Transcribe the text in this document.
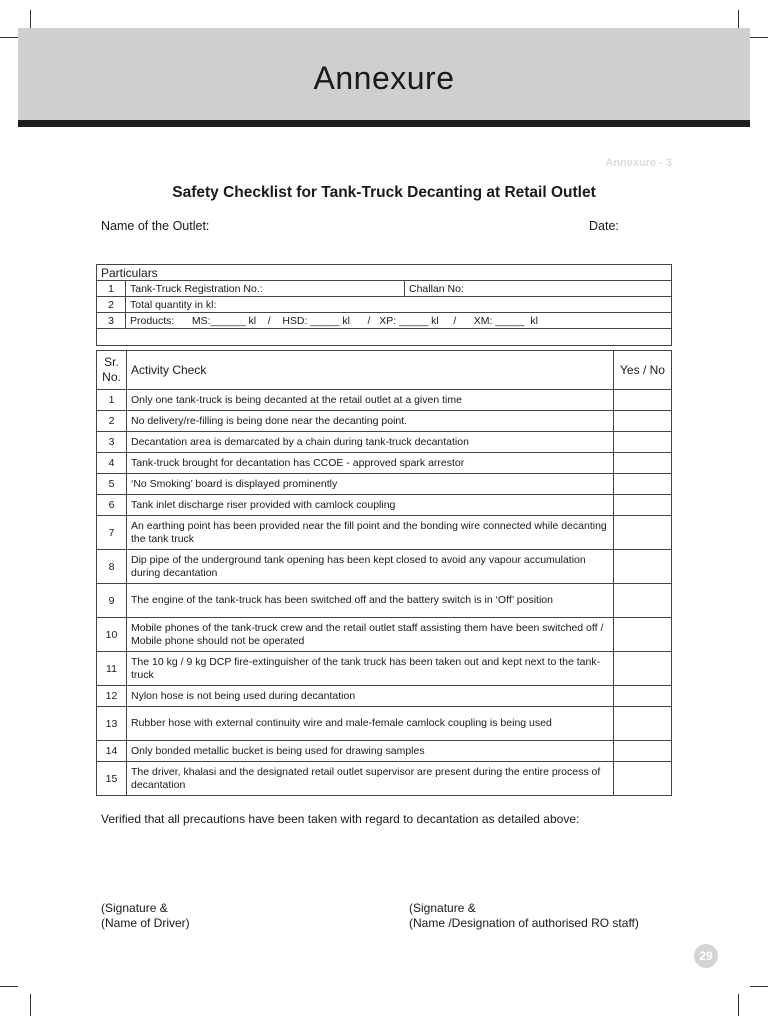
Annexure
Annexure - 3
Safety Checklist for Tank-Truck Decanting at Retail Outlet
Name of the Outlet:	Date:
Particulars		
1	Tank-Truck Registration No.:	Challan No:
2	Total quantity in kl:	
3	Products:      MS:______ kl    /    HSD: _____ kl      /   XP: _____ kl     /      XM: _____  kl	

Sr.
No.	Activity Check	Yes / No
1	Only one tank-truck is being decanted at the retail outlet at a given time	
2	No delivery/re-filling is being done near the decanting point.	
3	Decantation area is demarcated by a chain during tank-truck decantation	
4	Tank-truck brought for decantation has CCOE - approved spark arrestor	
5	‘No Smoking’ board is displayed prominently	
6	Tank inlet discharge riser provided with camlock coupling	
7	An earthing point has been provided near the fill point and the bonding wire connected while decanting the tank truck	
8	Dip pipe of the underground tank opening has been kept closed to avoid any vapour accumulation during decantation	
9	The engine of the tank-truck has been switched off and the battery switch is in ‘Off’ position	
10	Mobile phones of the tank-truck crew and the retail outlet staff assisting them have been switched off / Mobile phone should not be operated	
11	The 10 kg / 9 kg DCP fire-extinguisher of the tank truck has been taken out and kept next to the tank-truck	
12	Nylon hose is not being used during decantation	
13	Rubber hose with external continuity wire and male-female camlock coupling is being used	
14	Only bonded metallic bucket is being used for drawing samples	
15	The driver, khalasi and the designated retail outlet supervisor are present during the entire process of decantation	
Verified that all precautions have been taken with regard to decantation as detailed above:
(Signature &
(Name of Driver)
(Signature &
(Name /Designation of authorised RO staff)
29
